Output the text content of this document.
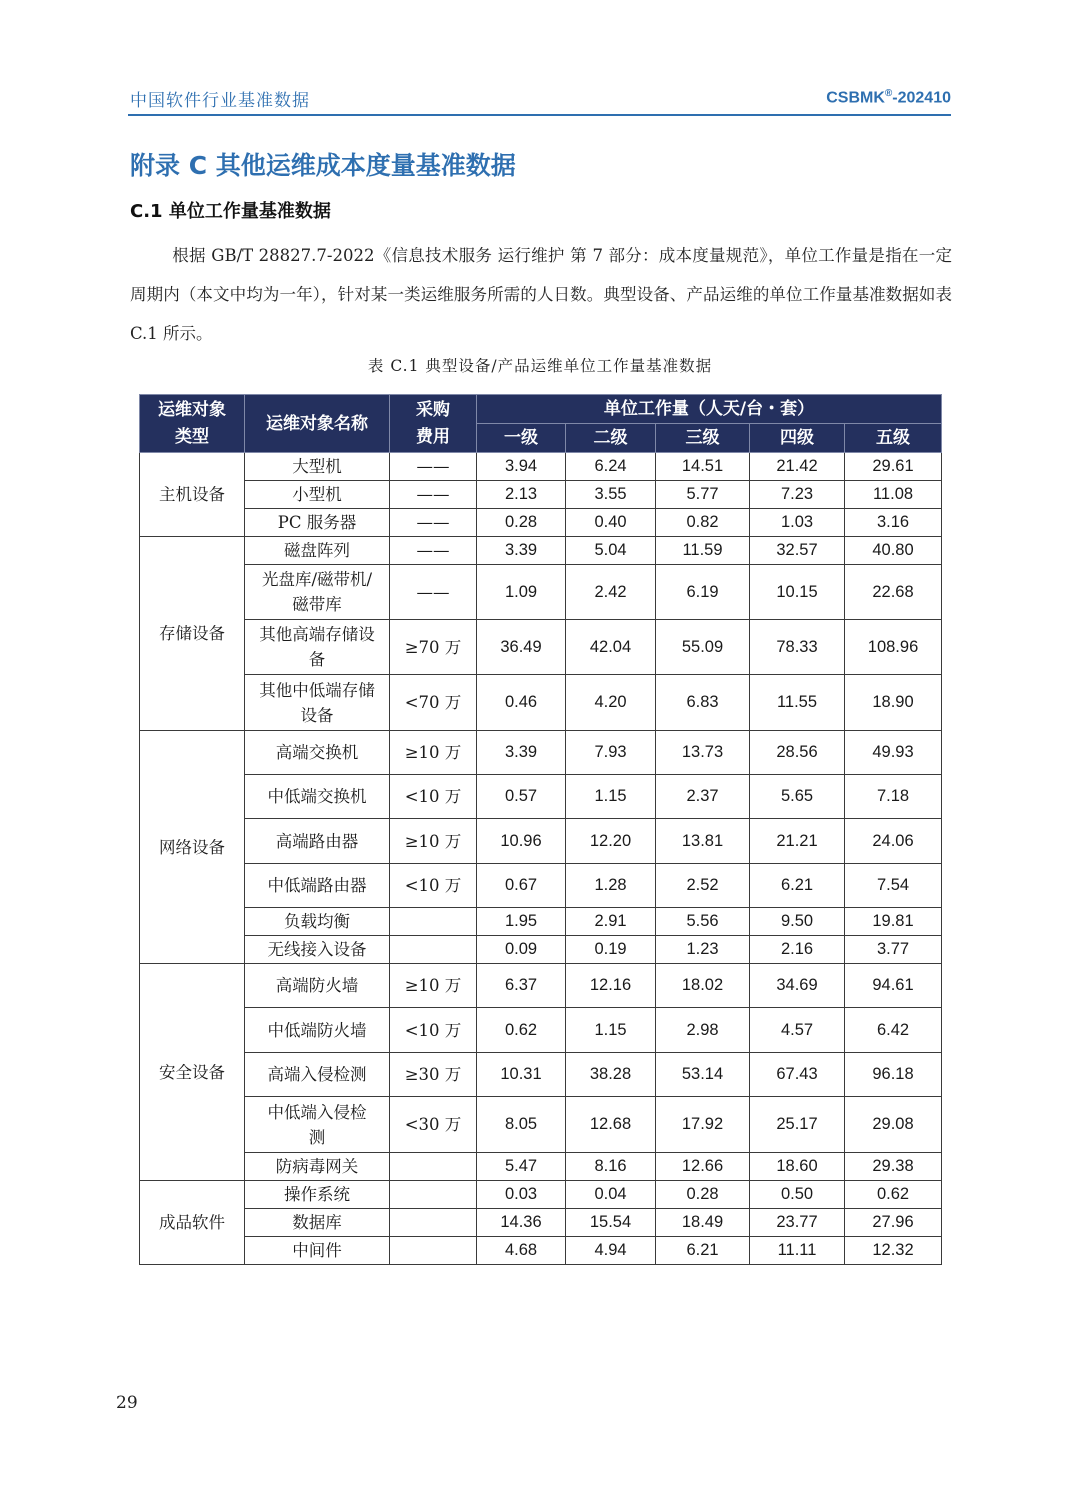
中国软件行业基准数据	CSBMK®-202410
附录 C 其他运维成本度量基准数据
C.1 单位工作量基准数据
根据 GB/T 28827.7-2022《信息技术服务 运行维护 第 7 部分：成本度量规范》，单位工作量是指在一定周期内（本文中均为一年），针对某一类运维服务所需的人日数。典型设备、产品运维的单位工作量基准数据如表 C.1 所示。
表 C.1 典型设备/产品运维单位工作量基准数据
运维对象类型	运维对象名称	采购费用	单位工作量（人天/台・套）				
			一级	二级	三级	四级	五级
主机设备	大型机	——	3.94	6.24	14.51	21.42	29.61

	小型机	——	2.13	3.55	5.77	7.23	11.08

	PC 服务器	——	0.28	0.40	0.82	1.03	3.16
存储设备	磁盘阵列	——	3.39	5.04	11.59	32.57	40.80

	光盘库/磁带机/磁带库	——	1.09	2.42	6.19	10.15	22.68

	其他高端存储设备	≥70 万	36.49	42.04	55.09	78.33	108.96

	其他中低端存储设备	<70 万	0.46	4.20	6.83	11.55	18.90
网络设备	高端交换机	≥10 万	3.39	7.93	13.73	28.56	49.93

	中低端交换机	<10 万	0.57	1.15	2.37	5.65	7.18

	高端路由器	≥10 万	10.96	12.20	13.81	21.21	24.06

	中低端路由器	<10 万	0.67	1.28	2.52	6.21	7.54

	负载均衡		1.95	2.91	5.56	9.50	19.81

	无线接入设备		0.09	0.19	1.23	2.16	3.77
安全设备	高端防火墙	≥10 万	6.37	12.16	18.02	34.69	94.61

	中低端防火墙	<10 万	0.62	1.15	2.98	4.57	6.42

	高端入侵检测	≥30 万	10.31	38.28	53.14	67.43	96.18

	中低端入侵检测	<30 万	8.05	12.68	17.92	25.17	29.08

	防病毒网关		5.47	8.16	12.66	18.60	29.38
成品软件	操作系统		0.03	0.04	0.28	0.50	0.62

	数据库		14.36	15.54	18.49	23.77	27.96

	中间件		4.68	4.94	6.21	11.11	12.32
29
